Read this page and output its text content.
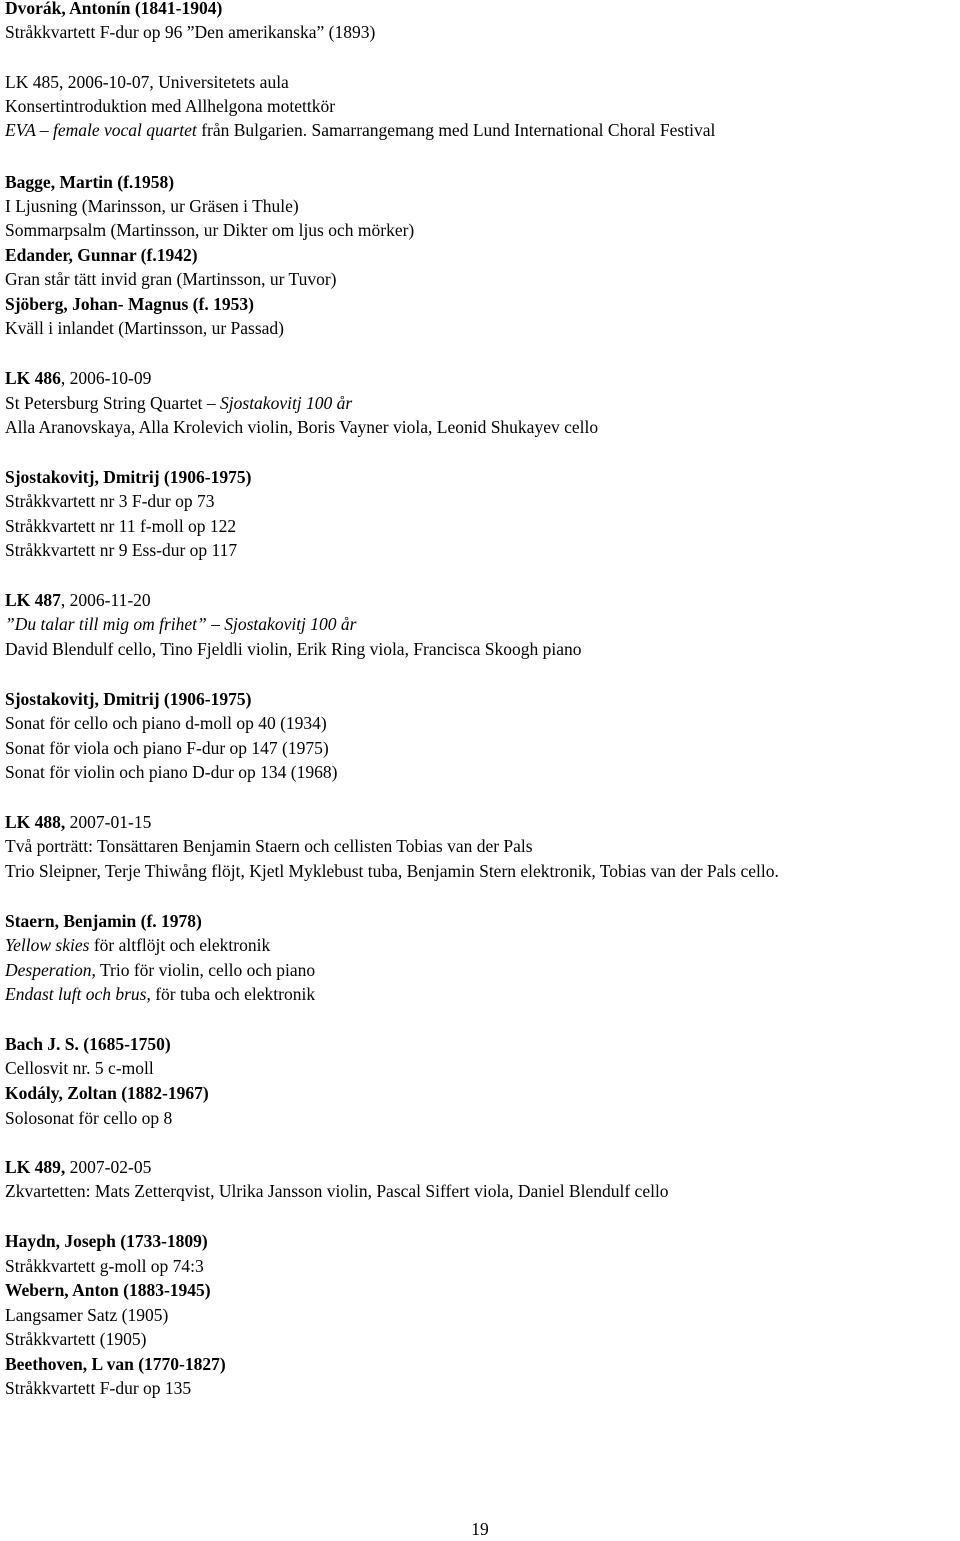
Dvorák, Antonín (1841-1904)
Stråkkvartett F-dur op 96 ”Den amerikanska” (1893)
LK 485, 2006-10-07, Universitetets aula
Konsertintroduktion med Allhelgona motettkör
EVA – female vocal quartet från Bulgarien. Samarrangemang med Lund International Choral Festival
Bagge, Martin (f.1958)
I Ljusning (Marinsson, ur Gräsen i Thule)
Sommarpsalm (Martinsson, ur Dikter om ljus och mörker)
Edander, Gunnar (f.1942)
Gran står tätt invid gran (Martinsson, ur Tuvor)
Sjöberg, Johan- Magnus (f. 1953)
Kväll i inlandet (Martinsson, ur Passad)
LK 486, 2006-10-09
St Petersburg String Quartet – Sjostakovitj 100 år
Alla Aranovskaya, Alla Krolevich violin, Boris Vayner viola, Leonid Shukayev cello
Sjostakovitj, Dmitrij (1906-1975)
Stråkkvartett nr 3 F-dur op 73
Stråkkvartett nr 11 f-moll op 122
Stråkkvartett nr 9 Ess-dur op 117
LK 487, 2006-11-20
”Du talar till mig om frihet” – Sjostakovitj 100 år
David Blendulf cello, Tino Fjeldli violin, Erik Ring viola, Francisca Skoogh piano
Sjostakovitj, Dmitrij (1906-1975)
Sonat för cello och piano d-moll op 40 (1934)
Sonat för viola och piano F-dur op 147 (1975)
Sonat för violin och piano D-dur op 134 (1968)
LK 488, 2007-01-15
Två porträtt: Tonsättaren Benjamin Staern och cellisten Tobias van der Pals
Trio Sleipner, Terje Thiwång flöjt, Kjetl Myklebust tuba, Benjamin Stern elektronik, Tobias van der Pals cello.
Staern, Benjamin (f. 1978)
Yellow skies för altflöjt och elektronik
Desperation, Trio för violin, cello och piano
Endast luft och brus, för tuba och elektronik
Bach J. S. (1685-1750)
Cellosvit nr. 5 c-moll
Kodály, Zoltan (1882-1967)
Solosonat för cello op 8
LK 489, 2007-02-05
Zkvartetten: Mats Zetterqvist, Ulrika Jansson violin, Pascal Siffert viola, Daniel Blendulf cello
Haydn, Joseph (1733-1809)
Stråkkvartett g-moll op 74:3
Webern, Anton (1883-1945)
Langsamer Satz (1905)
Stråkkvartett (1905)
Beethoven, L van (1770-1827)
Stråkkvartett F-dur op 135
19
